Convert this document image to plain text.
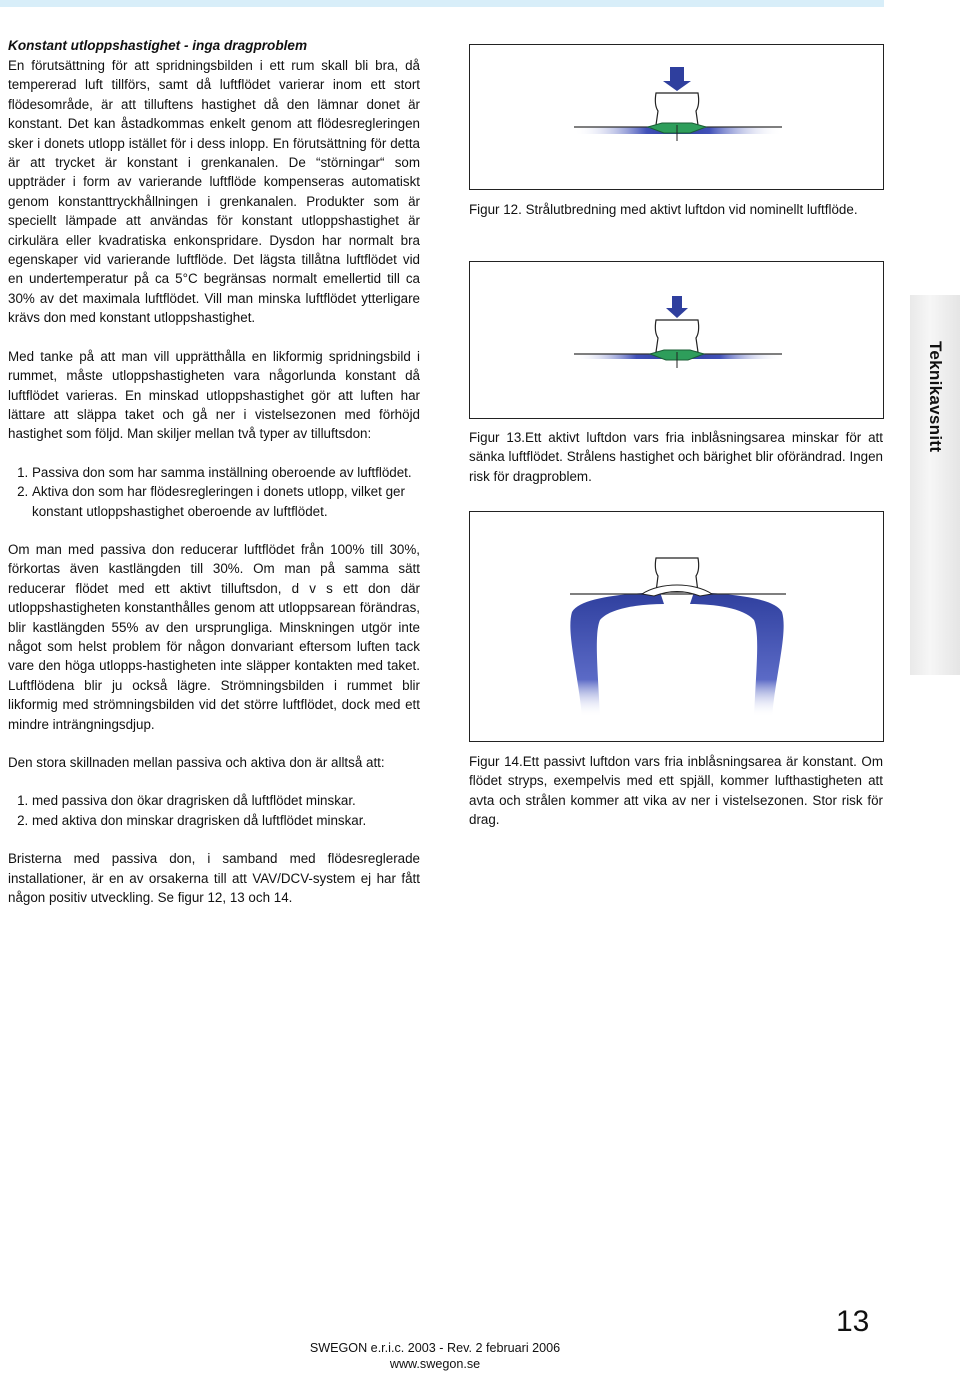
Konstant utloppshastighet - inga dragproblem

En förutsättning för att spridningsbilden i ett rum skall bli bra, då tempererad luft tillförs, samt då luftflödet varierar inom ett stort flödesområde, är att tilluftens hastighet då den lämnar donet är konstant. Det kan åstadkommas enkelt genom att flödesregleringen sker i donets utlopp istället för i dess inlopp. En förutsättning för detta är att trycket är konstant i grenkanalen. De “störningar“ som uppträder i form av varierande luftflöde kompenseras automatiskt genom konstanttryckhållningen i grenkanalen. Produkter som är speciellt lämpade att användas för konstant utloppshastighet är cirkulära eller kvadratiska enkonspridare. Dysdon har normalt bra egenskaper vid varierande luftflöde. Det lägsta tillåtna luftflödet vid en undertemperatur på ca 5°C begränsas normalt emellertid till ca 30% av det maximala luftflödet. Vill man minska luftflödet ytterligare krävs don med konstant utloppshastighet.

Med tanke på att man vill upprätthålla en likformig spridningsbild i rummet, måste utloppshastigheten vara någorlunda konstant då luftflödet varieras. En minskad utloppshastighet gör att luften har lättare att släppa taket och gå ner i vistelsezonen med förhöjd hastighet som följd. Man skiljer mellan två typer av tilluftsdon:

1. Passiva don som har samma inställning oberoende av luftflödet.
2. Aktiva don som har flödesregleringen i donets utlopp, vilket ger konstant utloppshastighet oberoende av luftflödet.

Om man med passiva don reducerar luftflödet från 100% till 30%, förkortas även kastlängden till 30%. Om man på samma sätt reducerar flödet med ett aktivt tilluftsdon, d v s ett don där utloppshastigheten konstanthålles genom att utloppsarean förändras, blir kastlängden 55% av den ursprungliga. Minskningen utgör inte något som helst problem för någon donvariant eftersom luften tack vare den höga utlopps-hastigheten inte släpper kontakten med taket. Luftflödena blir ju också lägre. Strömningsbilden i rummet blir likformig med strömningsbilden vid det större luftflödet, dock med ett mindre inträngningsdjup.

Den stora skillnaden mellan passiva och aktiva don är alltså att:

1. med passiva don ökar dragrisken då luftflödet minskar.
2. med aktiva don minskar dragrisken då luftflödet minskar.

Bristerna med passiva don, i samband med flödesreglerade installationer, är en av orsakerna till att VAV/DCV-system ej har fått någon positiv utveckling. Se figur 12, 13 och 14.

Figur 12. Strålutbredning med aktivt luftdon vid nominellt luftflöde.
Figur 13.Ett aktivt luftdon vars fria inblåsningsarea minskar för att sänka luftflödet. Strålens hastighet och bärighet blir oförändrad. Ingen risk för dragproblem.
Figur 14.Ett passivt luftdon vars fria inblåsningsarea är konstant. Om flödet stryps, exempelvis med ett spjäll, kommer lufthastigheten att avta och strålen kommer att vika av ner i vistelsezonen. Stor risk för drag.
Teknikavsnitt
13
SWEGON e.r.i.c. 2003 - Rev. 2 februari 2006
www.swegon.se
